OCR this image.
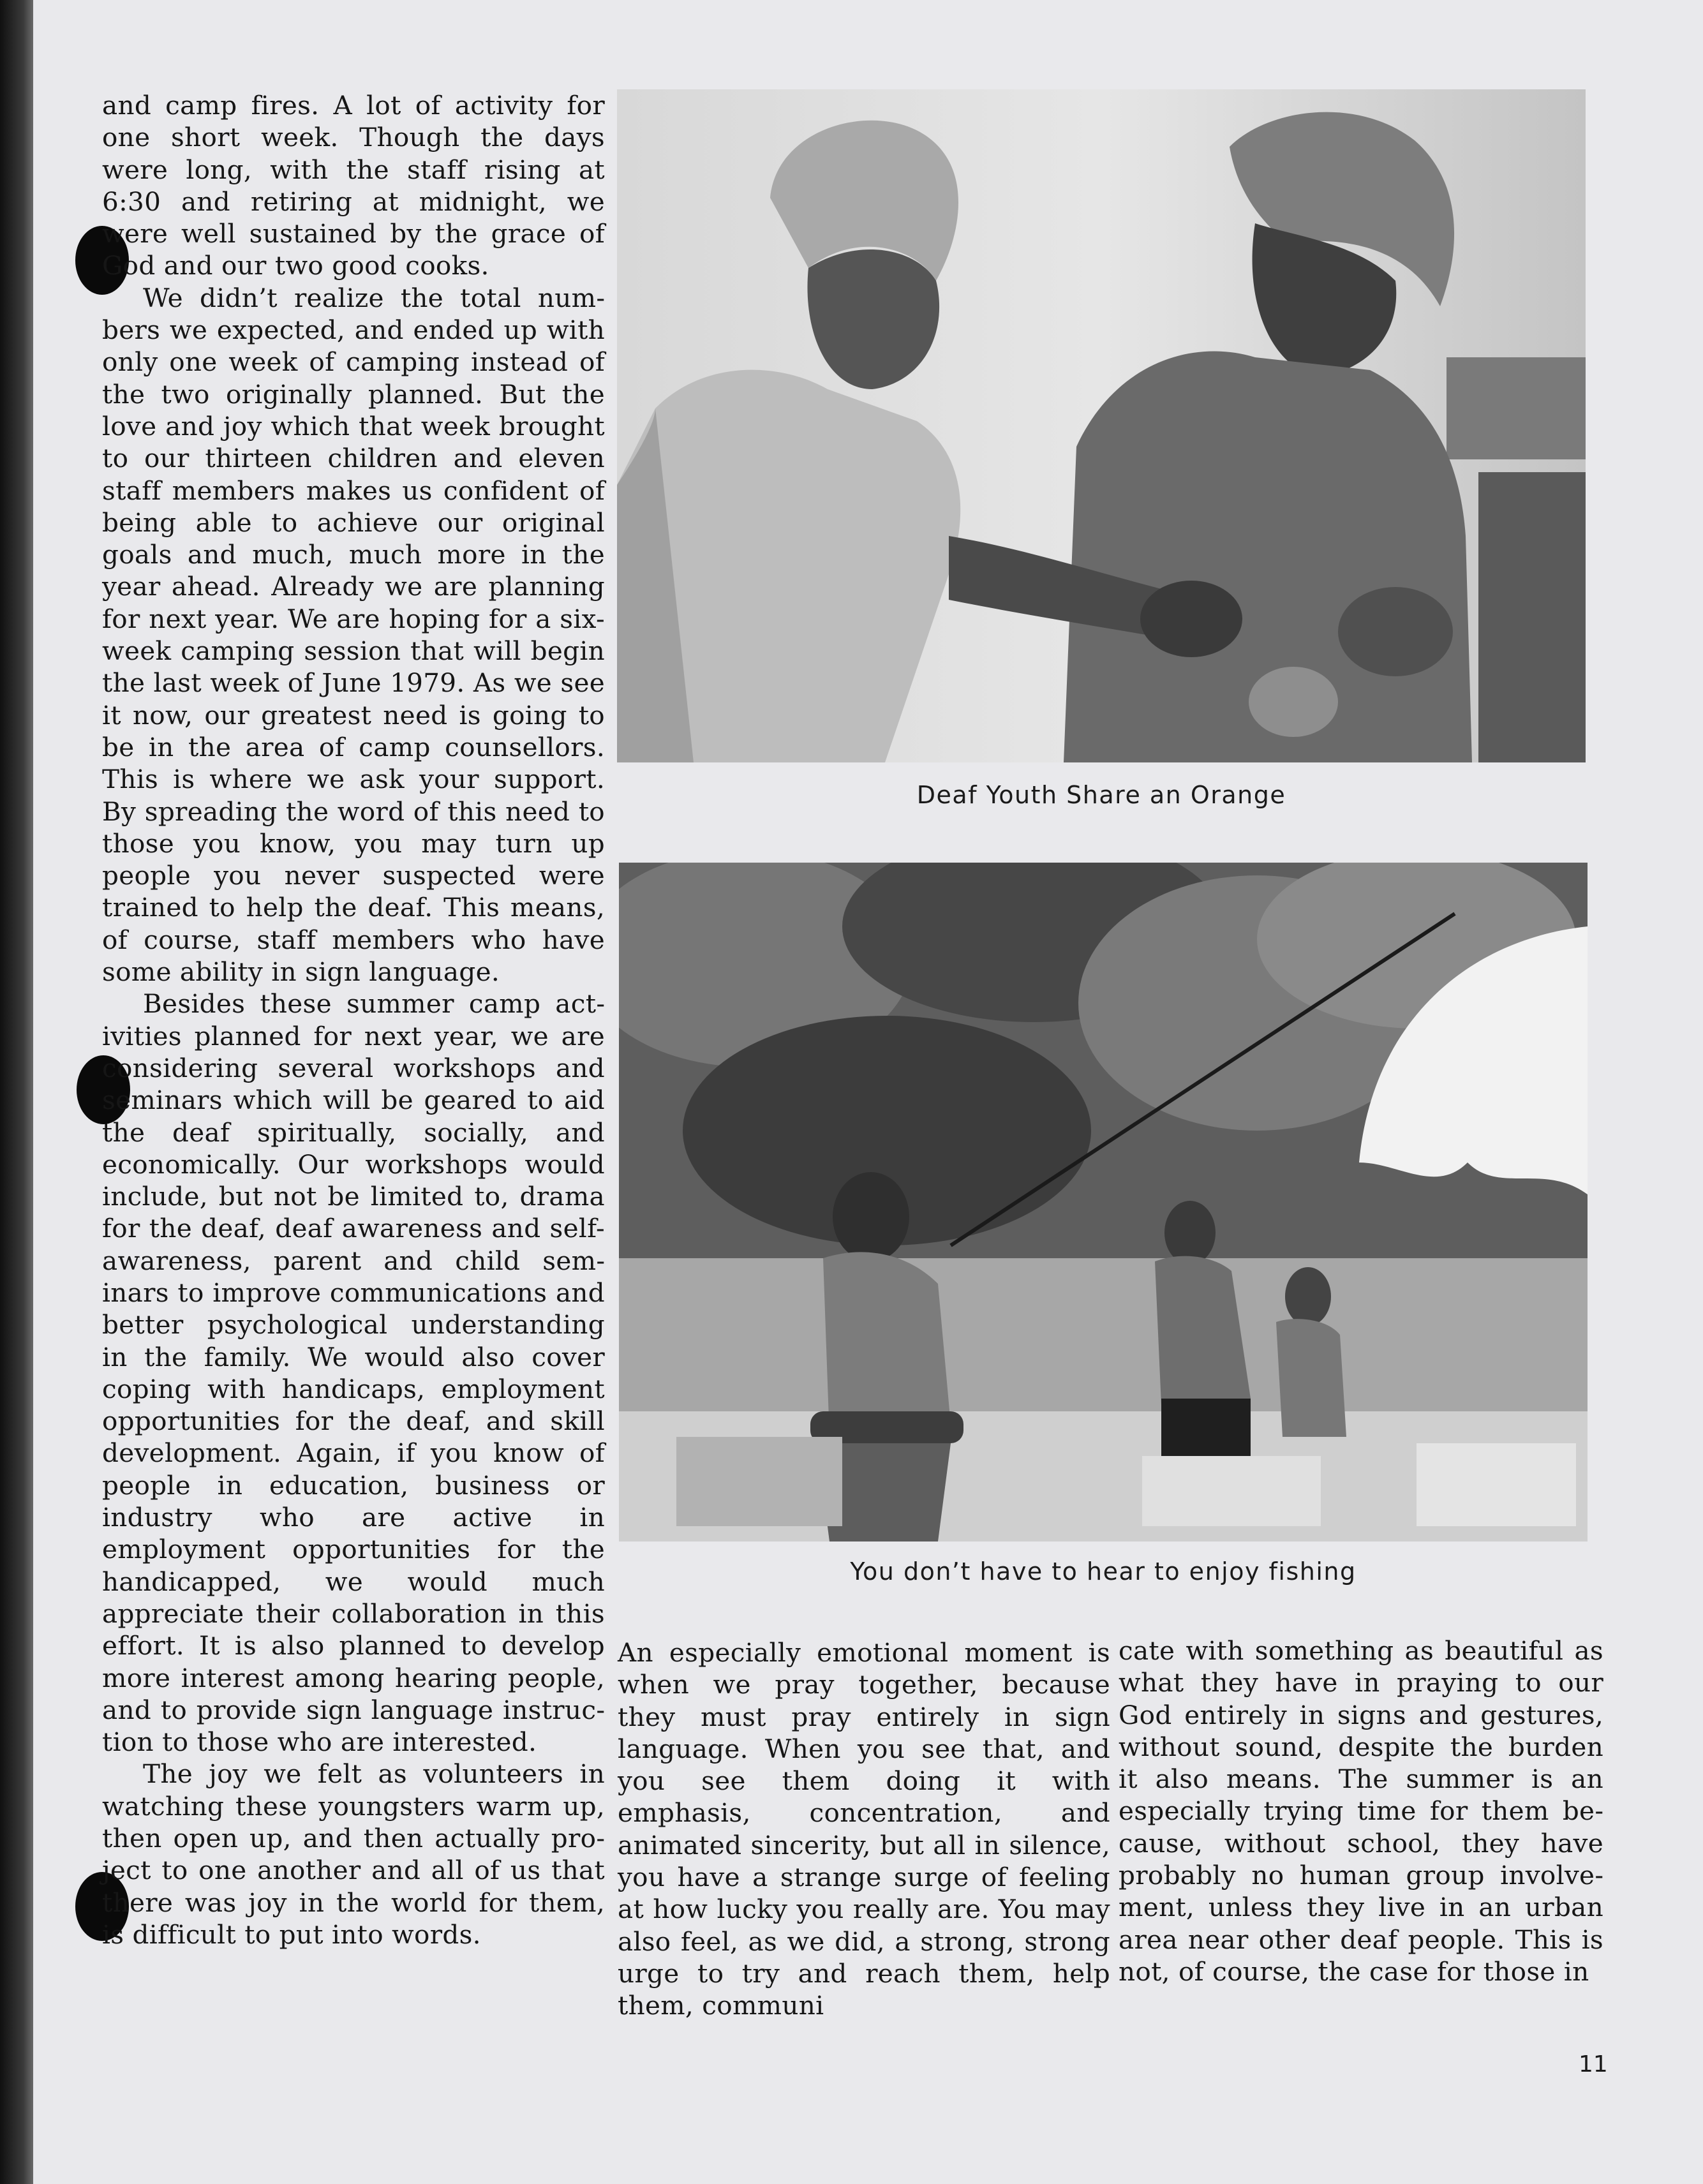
and camp fires. A lot of activity for one short week. Though the days were long, with the staff rising at 6:30 and retiring at midnight, we were well sustained by the grace of God and our two good cooks.

We didn’t realize the total numbers we expected, and ended up with only one week of camping instead of the two originally planned. But the love and joy which that week brought to our thirteen children and eleven staff members makes us confident of being able to achieve our original goals and much, much more in the year ahead. Already we are planning for next year. We are hoping for a six-week camping session that will begin the last week of June 1979. As we see it now, our greatest need is going to be in the area of camp counsellors. This is where we ask your support. By spreading the word of this need to those you know, you may turn up people you never suspected were trained to help the deaf. This means, of course, staff members who have some ability in sign language.

Besides these summer camp activities planned for next year, we are considering several workshops and seminars which will be geared to aid the deaf spiritually, socially, and economically. Our workshops would include, but not be limited to, drama for the deaf, deaf awareness and self-awareness, parent and child seminars to improve communications and better psychological understanding in the family. We would also cover coping with handicaps, employment opportunities for the deaf, and skill development. Again, if you know of people in education, business or industry who are active in employment opportunities for the handicapped, we would much appreciate their collaboration in this effort. It is also planned to develop more interest among hearing people, and to provide sign language instruction to those who are interested.

The joy we felt as volunteers in watching these youngsters warm up, then open up, and then actually project to one another and all of us that there was joy in the world for them, is difficult to put into words.

Deaf Youth Share an Orange
You don’t have to hear to enjoy fishing

An especially emotional moment is when we pray together, because they must pray entirely in sign language. When you see that, and you see them doing it with emphasis, concentration, and animated sincerity, but all in silence, you have a strange surge of feeling at how lucky you really are. You may also feel, as we did, a strong, strong urge to try and reach them, help them, communi

cate with something as beautiful as what they have in praying to our God entirely in signs and gestures, without sound, despite the burden it also means. The summer is an especially trying time for them because, without school, they have probably no human group involvement, unless they live in an urban area near other deaf people. This is not, of course, the case for those in

11
